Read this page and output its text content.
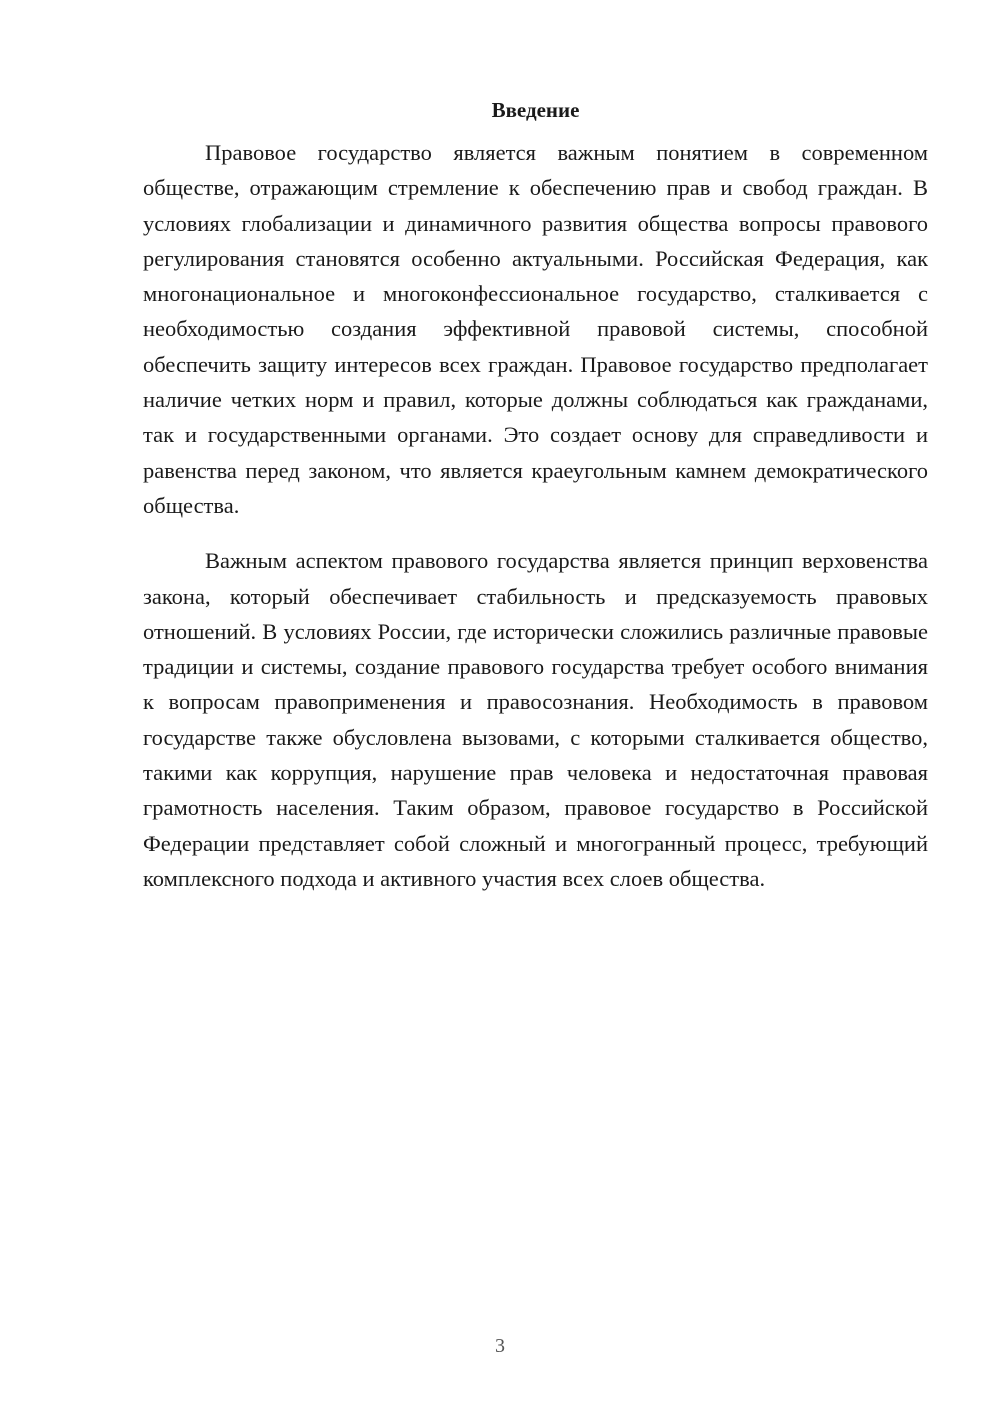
Введение

Правовое государство является важным понятием в современном обществе, отражающим стремление к обеспечению прав и свобод граждан. В условиях глобализации и динамичного развития общества вопросы правового регулирования становятся особенно актуальными. Российская Федерация, как многонациональное и многоконфессиональное государство, сталкивается с необходимостью создания эффективной правовой системы, способной обеспечить защиту интересов всех граждан. Правовое государство предполагает наличие четких норм и правил, которые должны соблюдаться как гражданами, так и государственными органами. Это создает основу для справедливости и равенства перед законом, что является краеугольным камнем демократического общества.

Важным аспектом правового государства является принцип верховенства закона, который обеспечивает стабильность и предсказуемость правовых отношений. В условиях России, где исторически сложились различные правовые традиции и системы, создание правового государства требует особого внимания к вопросам правоприменения и правосознания. Необходимость в правовом государстве также обусловлена вызовами, с которыми сталкивается общество, такими как коррупция, нарушение прав человека и недостаточная правовая грамотность населения. Таким образом, правовое государство в Российской Федерации представляет собой сложный и многогранный процесс, требующий комплексного подхода и активного участия всех слоев общества.

3
